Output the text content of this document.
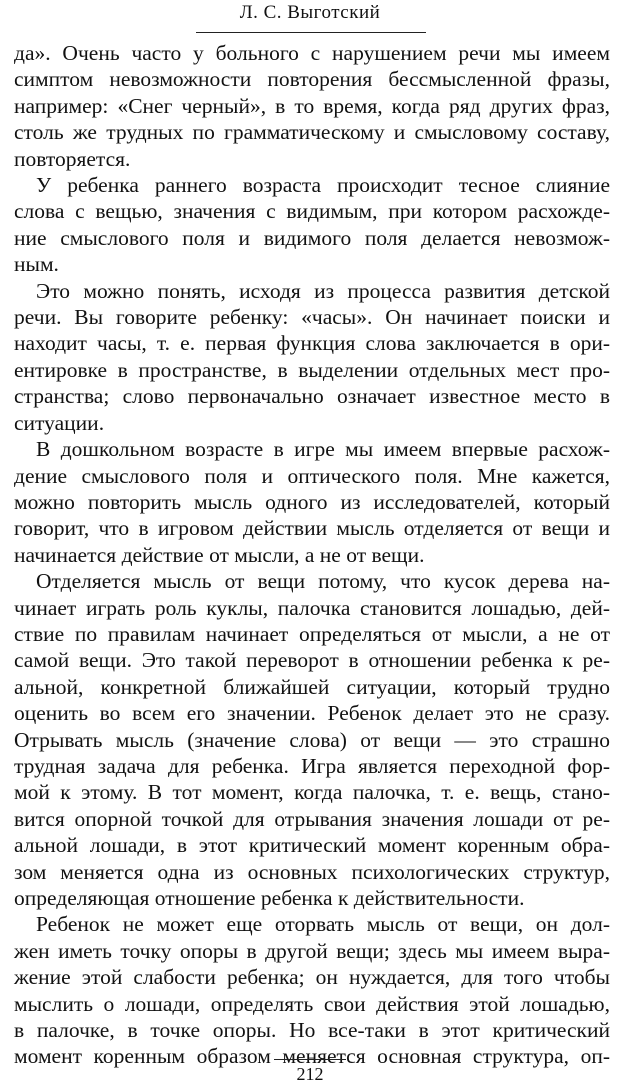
Л. С. Выготский
да». Очень часто у больного с нарушением речи мы имеем
симптом невозможности повторения бессмысленной фразы,
например: «Снег черный», в то время, когда ряд других фраз,
столь же трудных по грамматическому и смысловому составу,
повторяется.
У ребенка раннего возраста происходит тесное слияние
слова с вещью, значения с видимым, при котором расхожде-
ние смыслового поля и видимого поля делается невозмож-
ным.
Это можно понять, исходя из процесса развития детской
речи. Вы говорите ребенку: «часы». Он начинает поиски и
находит часы, т. е. первая функция слова заключается в ори-
ентировке в пространстве, в выделении отдельных мест про-
странства; слово первоначально означает известное место в
ситуации.
В дошкольном возрасте в игре мы имеем впервые расхож-
дение смыслового поля и оптического поля. Мне кажется,
можно повторить мысль одного из исследователей, который
говорит, что в игровом действии мысль отделяется от вещи и
начинается действие от мысли, а не от вещи.
Отделяется мысль от вещи потому, что кусок дерева на-
чинает играть роль куклы, палочка становится лошадью, дей-
ствие по правилам начинает определяться от мысли, а не от
самой вещи. Это такой переворот в отношении ребенка к ре-
альной, конкретной ближайшей ситуации, который трудно
оценить во всем его значении. Ребенок делает это не сразу.
Отрывать мысль (значение слова) от вещи — это страшно
трудная задача для ребенка. Игра является переходной фор-
мой к этому. В тот момент, когда палочка, т. е. вещь, стано-
вится опорной точкой для отрывания значения лошади от ре-
альной лошади, в этот критический момент коренным обра-
зом меняется одна из основных психологических структур,
определяющая отношение ребенка к действительности.
Ребенок не может еще оторвать мысль от вещи, он дол-
жен иметь точку опоры в другой вещи; здесь мы имеем выра-
жение этой слабости ребенка; он нуждается, для того чтобы
мыслить о лошади, определять свои действия этой лошадью,
в палочке, в точке опоры. Но все-таки в этот критический
момент коренным образом меняется основная структура, оп-
212
